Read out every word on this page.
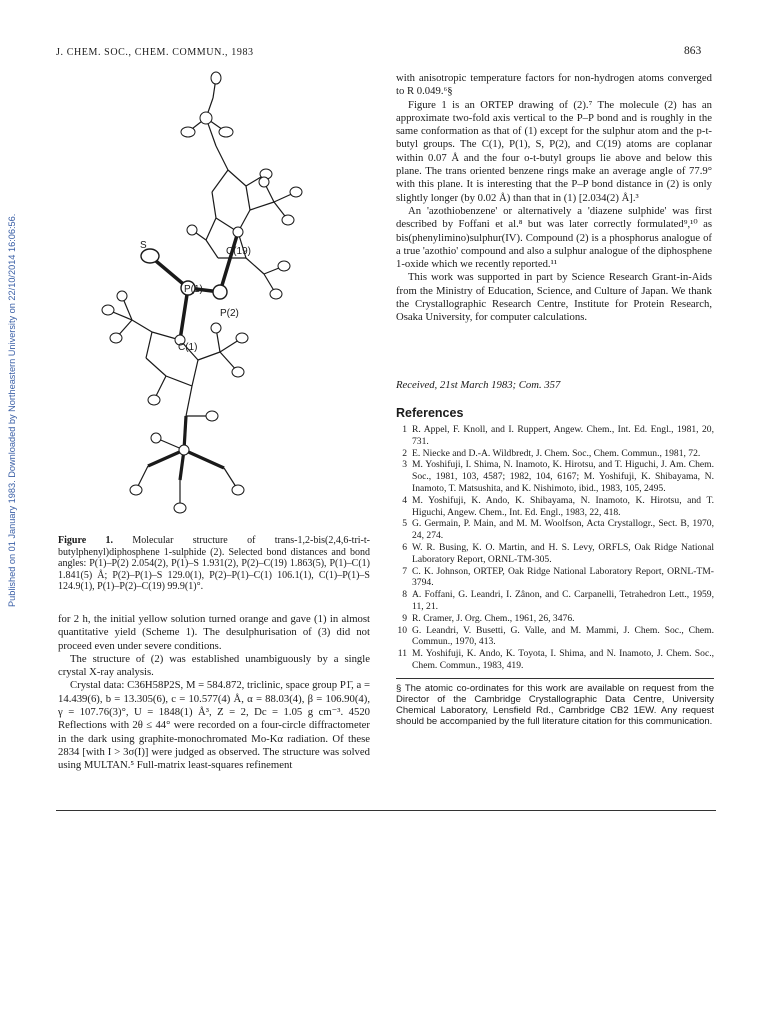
Published on 01 January 1983. Downloaded by Northeastern University on 22/10/2014 16:06:56.
J. CHEM. SOC., CHEM. COMMUN., 1983	863
S
C(19)
P(1)
P(2)
C(1)
Figure 1. Molecular structure of trans-1,2-bis(2,4,6-tri-t-butylphenyl)diphosphene 1-sulphide (2). Selected bond distances and bond angles: P(1)–P(2) 2.054(2), P(1)–S 1.931(2), P(2)–C(19) 1.863(5), P(1)–C(1) 1.841(5) Å; P(2)–P(1)–S 129.0(1), P(2)–P(1)–C(1) 106.1(1), C(1)–P(1)–S 124.9(1), P(1)–P(2)–C(19) 99.9(1)°.

for 2 h, the initial yellow solution turned orange and gave (1) in almost quantitative yield (Scheme 1). The desulphurisation of (3) did not proceed even under severe conditions.

The structure of (2) was established unambiguously by a single crystal X-ray analysis.

Crystal data: C36H58P2S, M = 584.872, triclinic, space group P1̄, a = 14.439(6), b = 13.305(6), c = 10.577(4) Å, α = 88.03(4), β = 106.90(4), γ = 107.76(3)°, U = 1848(1) Å³, Z = 2, Dc = 1.05 g cm⁻³. 4520 Reflections with 2θ ≤ 44° were recorded on a four-circle diffractometer in the dark using graphite-monochromated Mo-Kα radiation. Of these 2834 [with I > 3σ(I)] were judged as observed. The structure was solved using MULTAN.⁵ Full-matrix least-squares refinement

with anisotropic temperature factors for non-hydrogen atoms converged to R 0.049.⁶§

Figure 1 is an ORTEP drawing of (2).⁷ The molecule (2) has an approximate two-fold axis vertical to the P–P bond and is roughly in the same conformation as that of (1) except for the sulphur atom and the p-t-butyl groups. The C(1), P(1), S, P(2), and C(19) atoms are coplanar within 0.07 Å and the four o-t-butyl groups lie above and below this plane. The trans oriented benzene rings make an average angle of 77.9° with this plane. It is interesting that the P–P bond distance in (2) is only slightly longer (by 0.02 Å) than that in (1) [2.034(2) Å].³

An 'azothiobenzene' or alternatively a 'diazene sulphide' was first described by Foffani et al.⁸ but was later correctly formulated⁹,¹⁰ as bis(phenylimino)sulphur(IV). Compound (2) is a phosphorus analogue of a true 'azothio' compound and also a sulphur analogue of the diphosphene 1-oxide which we recently reported.¹¹

This work was supported in part by Science Research Grant-in-Aids from the Ministry of Education, Science, and Culture of Japan. We thank the Crystallographic Research Centre, Institute for Protein Research, Osaka University, for computer calculations.

Received, 21st March 1983; Com. 357
References
1 R. Appel, F. Knoll, and I. Ruppert, Angew. Chem., Int. Ed. Engl., 1981, 20, 731.
2 E. Niecke and D.-A. Wildbredt, J. Chem. Soc., Chem. Commun., 1981, 72.
3 M. Yoshifuji, I. Shima, N. Inamoto, K. Hirotsu, and T. Higuchi, J. Am. Chem. Soc., 1981, 103, 4587; 1982, 104, 6167; M. Yoshifuji, K. Shibayama, N. Inamoto, T. Matsushita, and K. Nishimoto, ibid., 1983, 105, 2495.
4 M. Yoshifuji, K. Ando, K. Shibayama, N. Inamoto, K. Hirotsu, and T. Higuchi, Angew. Chem., Int. Ed. Engl., 1983, 22, 418.
5 G. Germain, P. Main, and M. M. Woolfson, Acta Crystallogr., Sect. B, 1970, 24, 274.
6 W. R. Busing, K. O. Martin, and H. S. Levy, ORFLS, Oak Ridge National Laboratory Report, ORNL-TM-305.
7 C. K. Johnson, ORTEP, Oak Ridge National Laboratory Report, ORNL-TM-3794.
8 A. Foffani, G. Leandri, I. Zânon, and C. Carpanelli, Tetrahedron Lett., 1959, 11, 21.
9 R. Cramer, J. Org. Chem., 1961, 26, 3476.
10 G. Leandri, V. Busetti, G. Valle, and M. Mammi, J. Chem. Soc., Chem. Commun., 1970, 413.
11 M. Yoshifuji, K. Ando, K. Toyota, I. Shima, and N. Inamoto, J. Chem. Soc., Chem. Commun., 1983, 419.
§ The atomic co-ordinates for this work are available on request from the Director of the Cambridge Crystallographic Data Centre, University Chemical Laboratory, Lensfield Rd., Cambridge CB2 1EW. Any request should be accompanied by the full literature citation for this communication.
